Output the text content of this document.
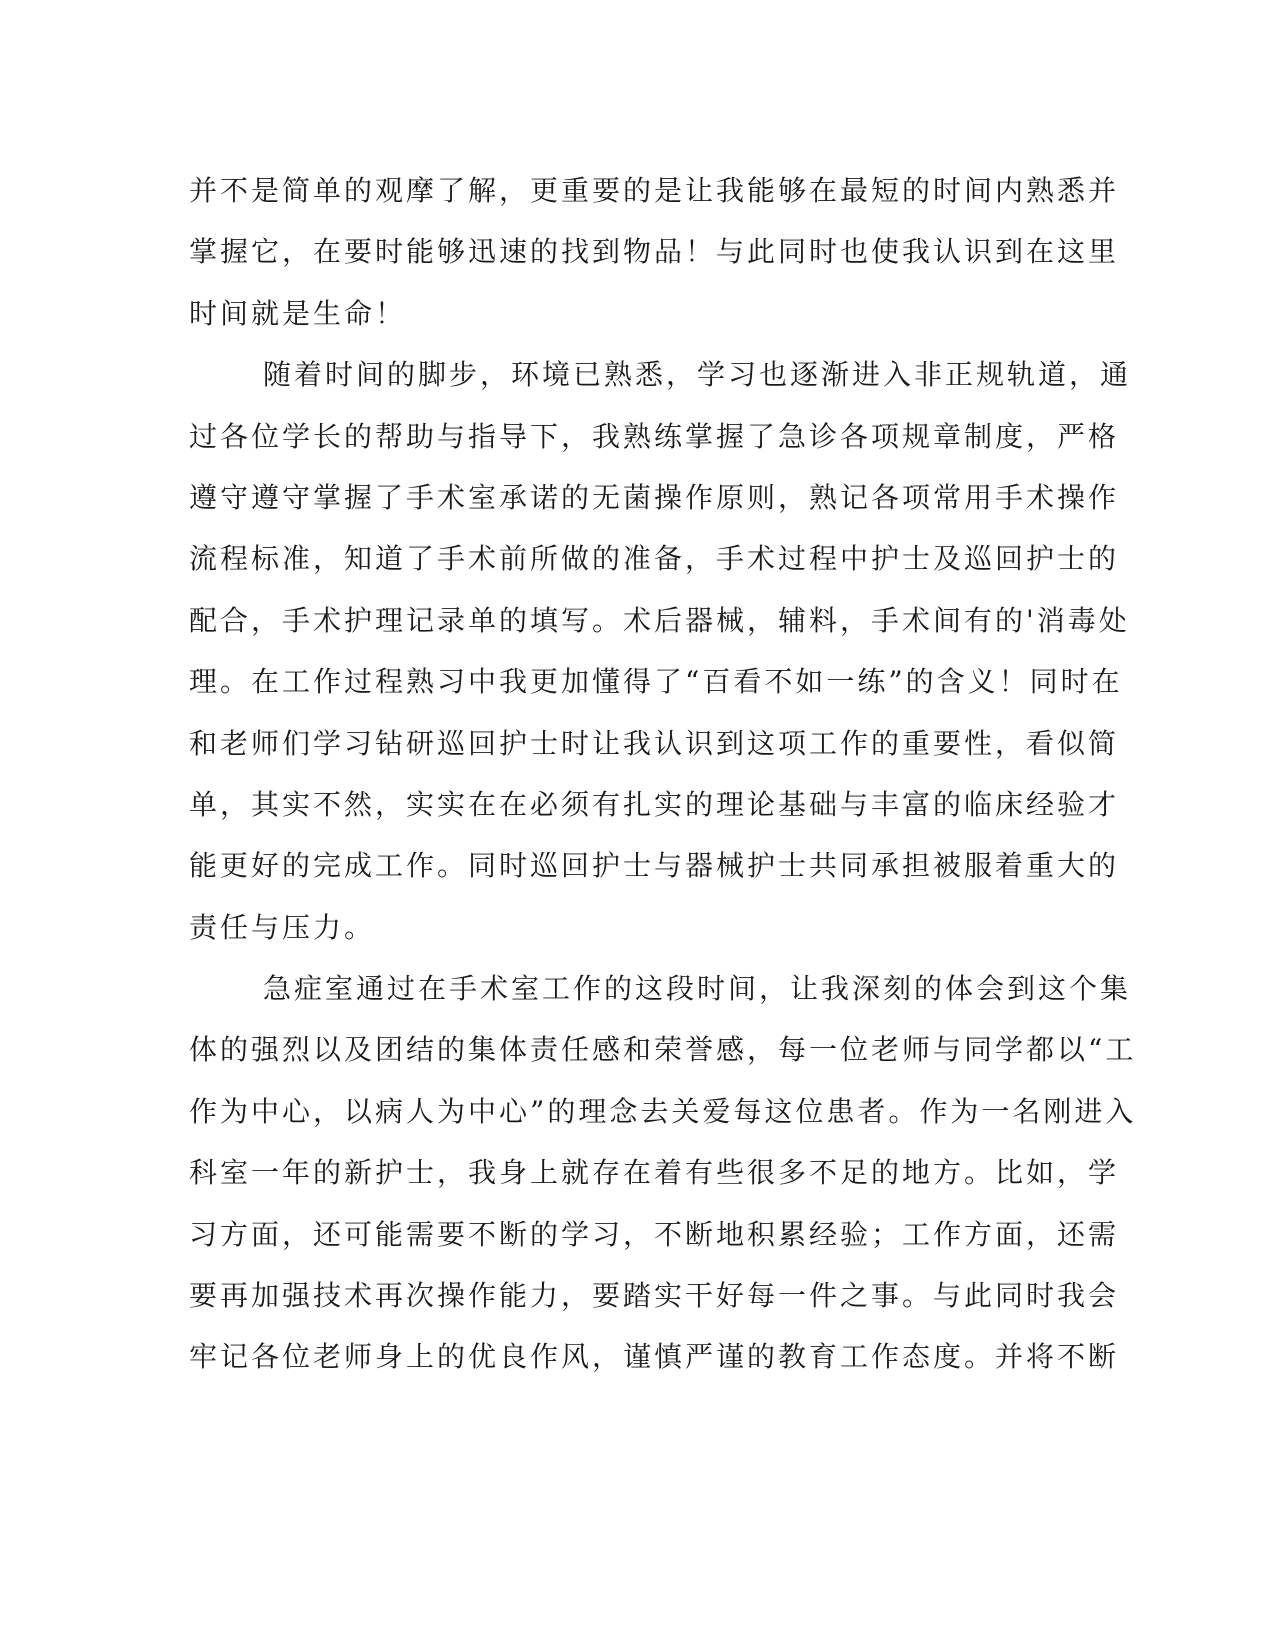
并不是简单的观摩了解，更重要的是让我能够在最短的时间内熟悉并
掌握它，在要时能够迅速的找到物品！与此同时也使我认识到在这里
时间就是生命！
随着时间的脚步，环境已熟悉，学习也逐渐进入非正规轨道，通
过各位学长的帮助与指导下，我熟练掌握了急诊各项规章制度，严格
遵守遵守掌握了手术室承诺的无菌操作原则，熟记各项常用手术操作
流程标准，知道了手术前所做的准备，手术过程中护士及巡回护士的
配合，手术护理记录单的填写。术后器械，辅料，手术间有的'消毒处
理。在工作过程熟习中我更加懂得了“百看不如一练”的含义！同时在
和老师们学习钻研巡回护士时让我认识到这项工作的重要性，看似简
单，其实不然，实实在在必须有扎实的理论基础与丰富的临床经验才
能更好的完成工作。同时巡回护士与器械护士共同承担被服着重大的
责任与压力。
急症室通过在手术室工作的这段时间，让我深刻的体会到这个集
体的强烈以及团结的集体责任感和荣誉感，每一位老师与同学都以“工
作为中心，以病人为中心”的理念去关爱每这位患者。作为一名刚进入
科室一年的新护士，我身上就存在着有些很多不足的地方。比如，学
习方面，还可能需要不断的学习，不断地积累经验；工作方面，还需
要再加强技术再次操作能力，要踏实干好每一件之事。与此同时我会
牢记各位老师身上的优良作风，谨慎严谨的教育工作态度。并将不断
